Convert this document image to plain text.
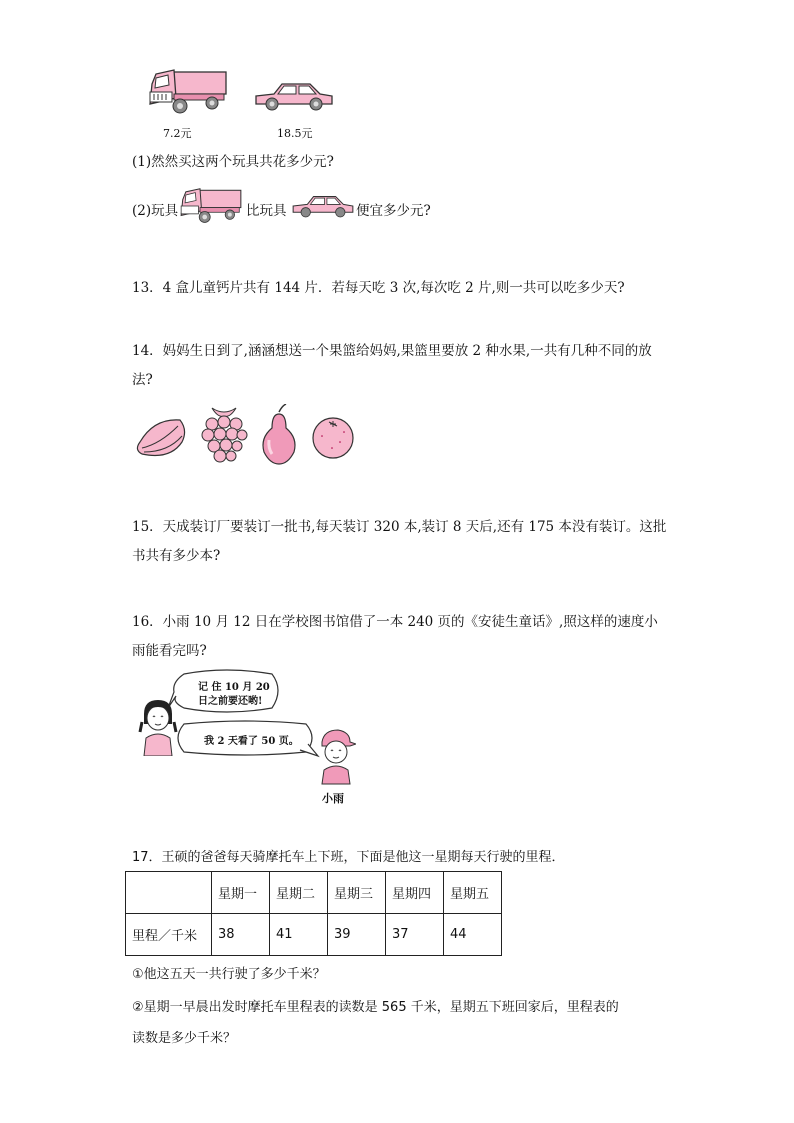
7.2元	18.5元
(1)然然买这两个玩具共花多少元?
(2)玩具	比玩具	便宜多少元?
13．4 盒儿童钙片共有 144 片．若每天吃 3 次,每次吃 2 片,则一共可以吃多少天?
14．妈妈生日到了,涵涵想送一个果篮给妈妈,果篮里要放 2 种水果,一共有几种不同的放
法?
15．天成装订厂要装订一批书,每天装订 320 本,装订 8 天后,还有 175 本没有装订。这批
书共有多少本?
16．小雨 10 月 12 日在学校图书馆借了一本 240 页的《安徒生童话》,照这样的速度小
雨能看完吗?
记 住 10 月 20
日之前要还哟!
我 2 天看了 50 页。
小雨
17．王硕的爸爸每天骑摩托车上下班，下面是他这一星期每天行驶的里程．
	星期一	星期二	星期三	星期四	星期五
里程／千米	38	41	39	37	44
①他这五天一共行驶了多少千米？
②星期一早晨出发时摩托车里程表的读数是 565 千米，星期五下班回家后，里程表的
读数是多少千米？
